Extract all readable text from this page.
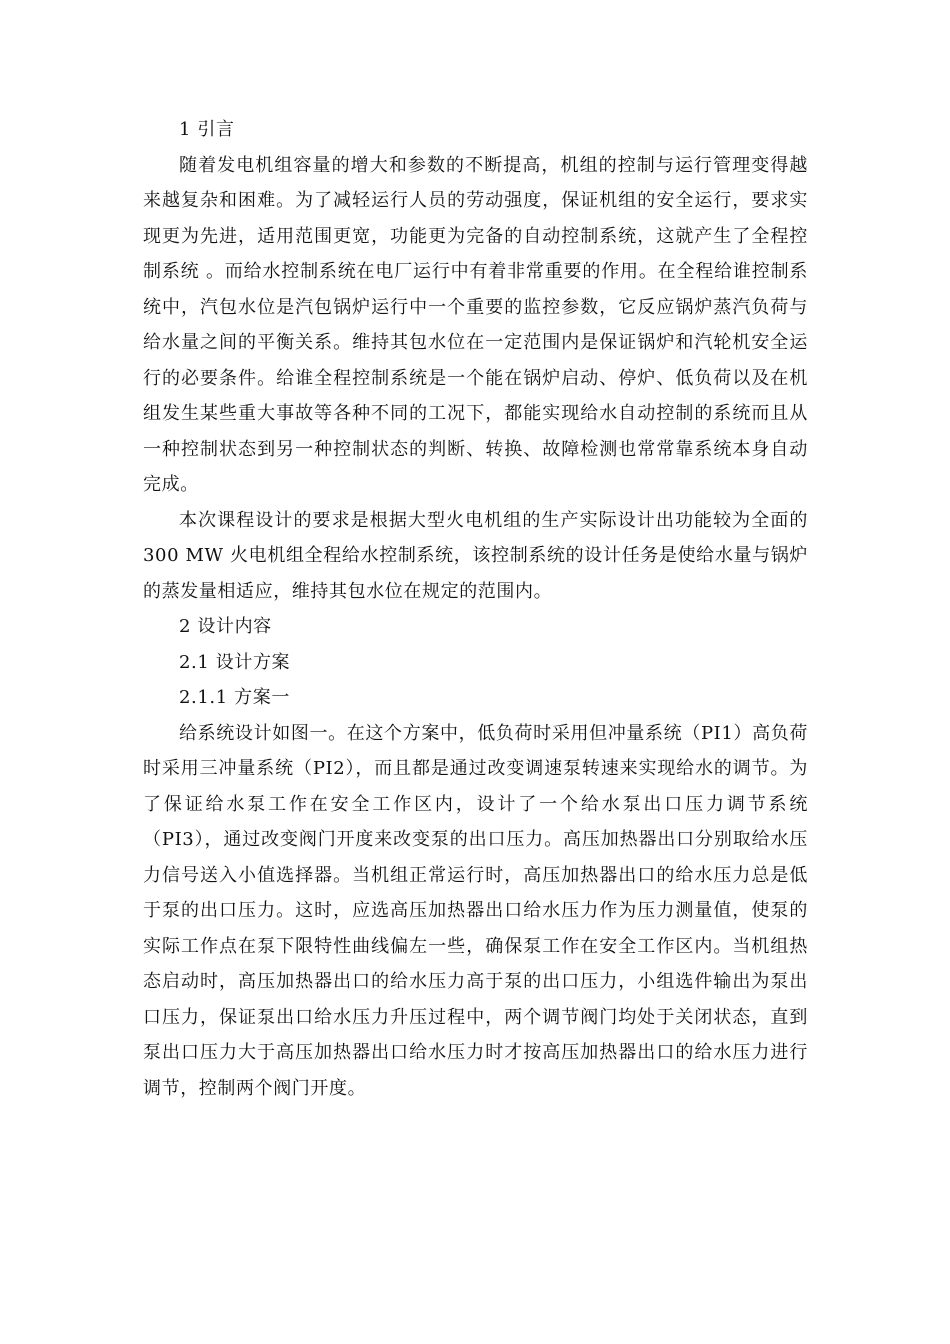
1 引言

随着发电机组容量的增大和参数的不断提高，机组的控制与运行管理变得越来越复杂和困难。为了减轻运行人员的劳动强度，保证机组的安全运行，要求实现更为先进，适用范围更宽，功能更为完备的自动控制系统，这就产生了全程控制系统 。而给水控制系统在电厂运行中有着非常重要的作用。在全程给谁控制系统中，汽包水位是汽包锅炉运行中一个重要的监控参数，它反应锅炉蒸汽负荷与给水量之间的平衡关系。维持其包水位在一定范围内是保证锅炉和汽轮机安全运行的必要条件。给谁全程控制系统是一个能在锅炉启动、停炉、低负荷以及在机组发生某些重大事故等各种不同的工况下，都能实现给水自动控制的系统而且从一种控制状态到另一种控制状态的判断、转换、故障检测也常常靠系统本身自动完成。

本次课程设计的要求是根据大型火电机组的生产实际设计出功能较为全面的 300 MW 火电机组全程给水控制系统，该控制系统的设计任务是使给水量与锅炉的蒸发量相适应，维持其包水位在规定的范围内。

2 设计内容

2.1 设计方案

2.1.1 方案一

给系统设计如图一。在这个方案中，低负荷时采用但冲量系统（PI1）高负荷时采用三冲量系统（PI2），而且都是通过改变调速泵转速来实现给水的调节。为了保证给水泵工作在安全工作区内，设计了一个给水泵出口压力调节系统（PI3），通过改变阀门开度来改变泵的出口压力。高压加热器出口分别取给水压力信号送入小值选择器。当机组正常运行时，高压加热器出口的给水压力总是低于泵的出口压力。这时，应选高压加热器出口给水压力作为压力测量值，使泵的实际工作点在泵下限特性曲线偏左一些，确保泵工作在安全工作区内。当机组热态启动时，高压加热器出口的给水压力高于泵的出口压力，小组选件输出为泵出口压力，保证泵出口给水压力升压过程中，两个调节阀门均处于关闭状态，直到泵出口压力大于高压加热器出口给水压力时才按高压加热器出口的给水压力进行调节，控制两个阀门开度。
